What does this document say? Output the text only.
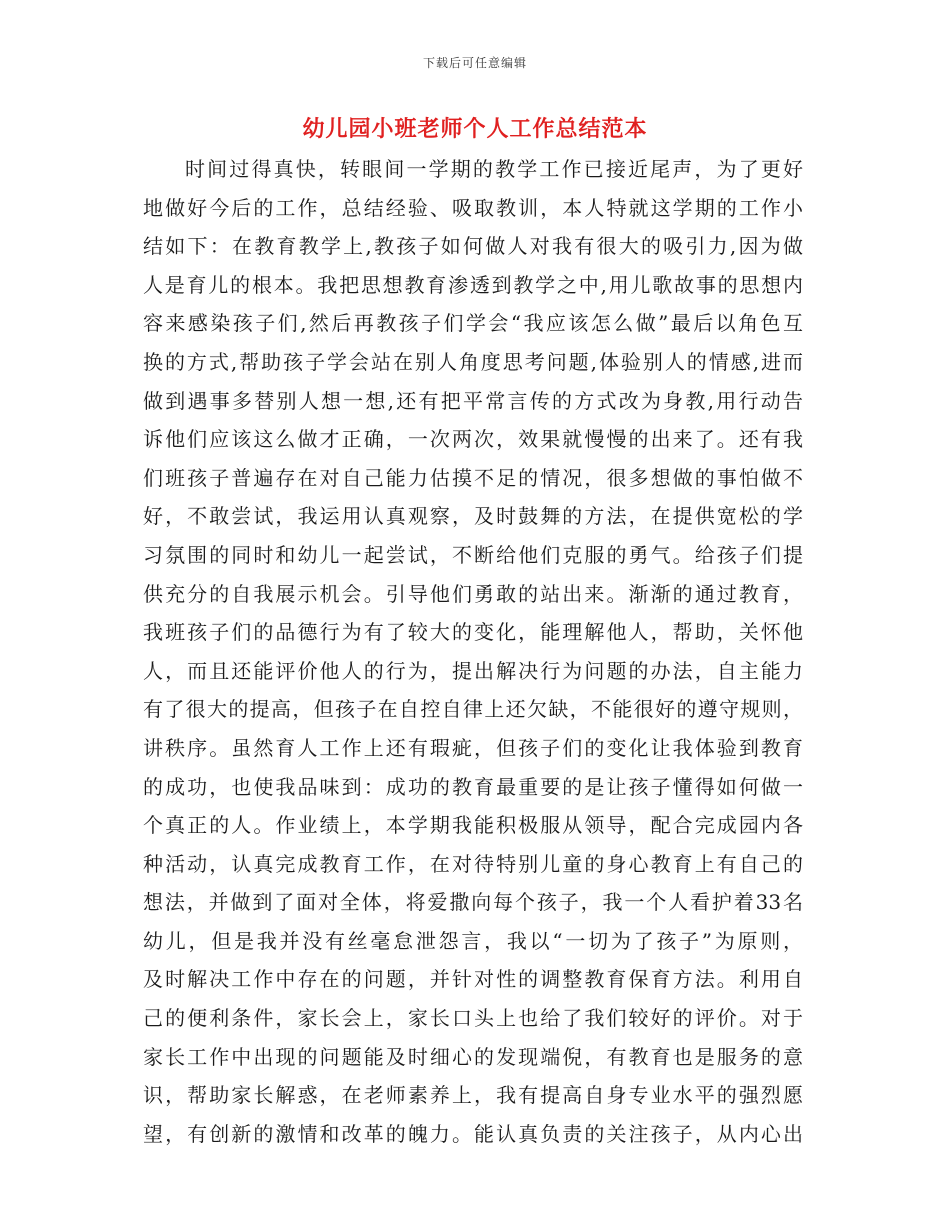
下载后可任意编辑
幼儿园小班老师个人工作总结范本
时间过得真快，转眼间一学期的教学工作已接近尾声，为了更好
地做好今后的工作，总结经验、吸取教训，本人特就这学期的工作小
结如下：在教育教学上,教孩子如何做人对我有很大的吸引力,因为做
人是育儿的根本。我把思想教育渗透到教学之中,用儿歌故事的思想内
容来感染孩子们,然后再教孩子们学会“我应该怎么做”最后以角色互
换的方式,帮助孩子学会站在别人角度思考问题,体验别人的情感,进而
做到遇事多替别人想一想,还有把平常言传的方式改为身教,用行动告
诉他们应该这么做才正确，一次两次，效果就慢慢的出来了。还有我
们班孩子普遍存在对自己能力估摸不足的情况，很多想做的事怕做不
好，不敢尝试，我运用认真观察，及时鼓舞的方法，在提供宽松的学
习氛围的同时和幼儿一起尝试，不断给他们克服的勇气。给孩子们提
供充分的自我展示机会。引导他们勇敢的站出来。渐渐的通过教育，
我班孩子们的品德行为有了较大的变化，能理解他人，帮助，关怀他
人，而且还能评价他人的行为，提出解决行为问题的办法，自主能力
有了很大的提高，但孩子在自控自律上还欠缺，不能很好的遵守规则，
讲秩序。虽然育人工作上还有瑕疵，但孩子们的变化让我体验到教育
的成功，也使我品味到：成功的教育最重要的是让孩子懂得如何做一
个真正的人。作业绩上，本学期我能积极服从领导，配合完成园内各
种活动，认真完成教育工作，在对待特别儿童的身心教育上有自己的
想法，并做到了面对全体，将爱撒向每个孩子，我一个人看护着33名
幼儿，但是我并没有丝毫怠泄怨言，我以“一切为了孩子”为原则，
及时解决工作中存在的问题，并针对性的调整教育保育方法。利用自
己的便利条件，家长会上，家长口头上也给了我们较好的评价。对于
家长工作中出现的问题能及时细心的发现端倪，有教育也是服务的意
识，帮助家长解惑，在老师素养上，我有提高自身专业水平的强烈愿
望，有创新的激情和改革的魄力。能认真负责的关注孩子，从内心出
